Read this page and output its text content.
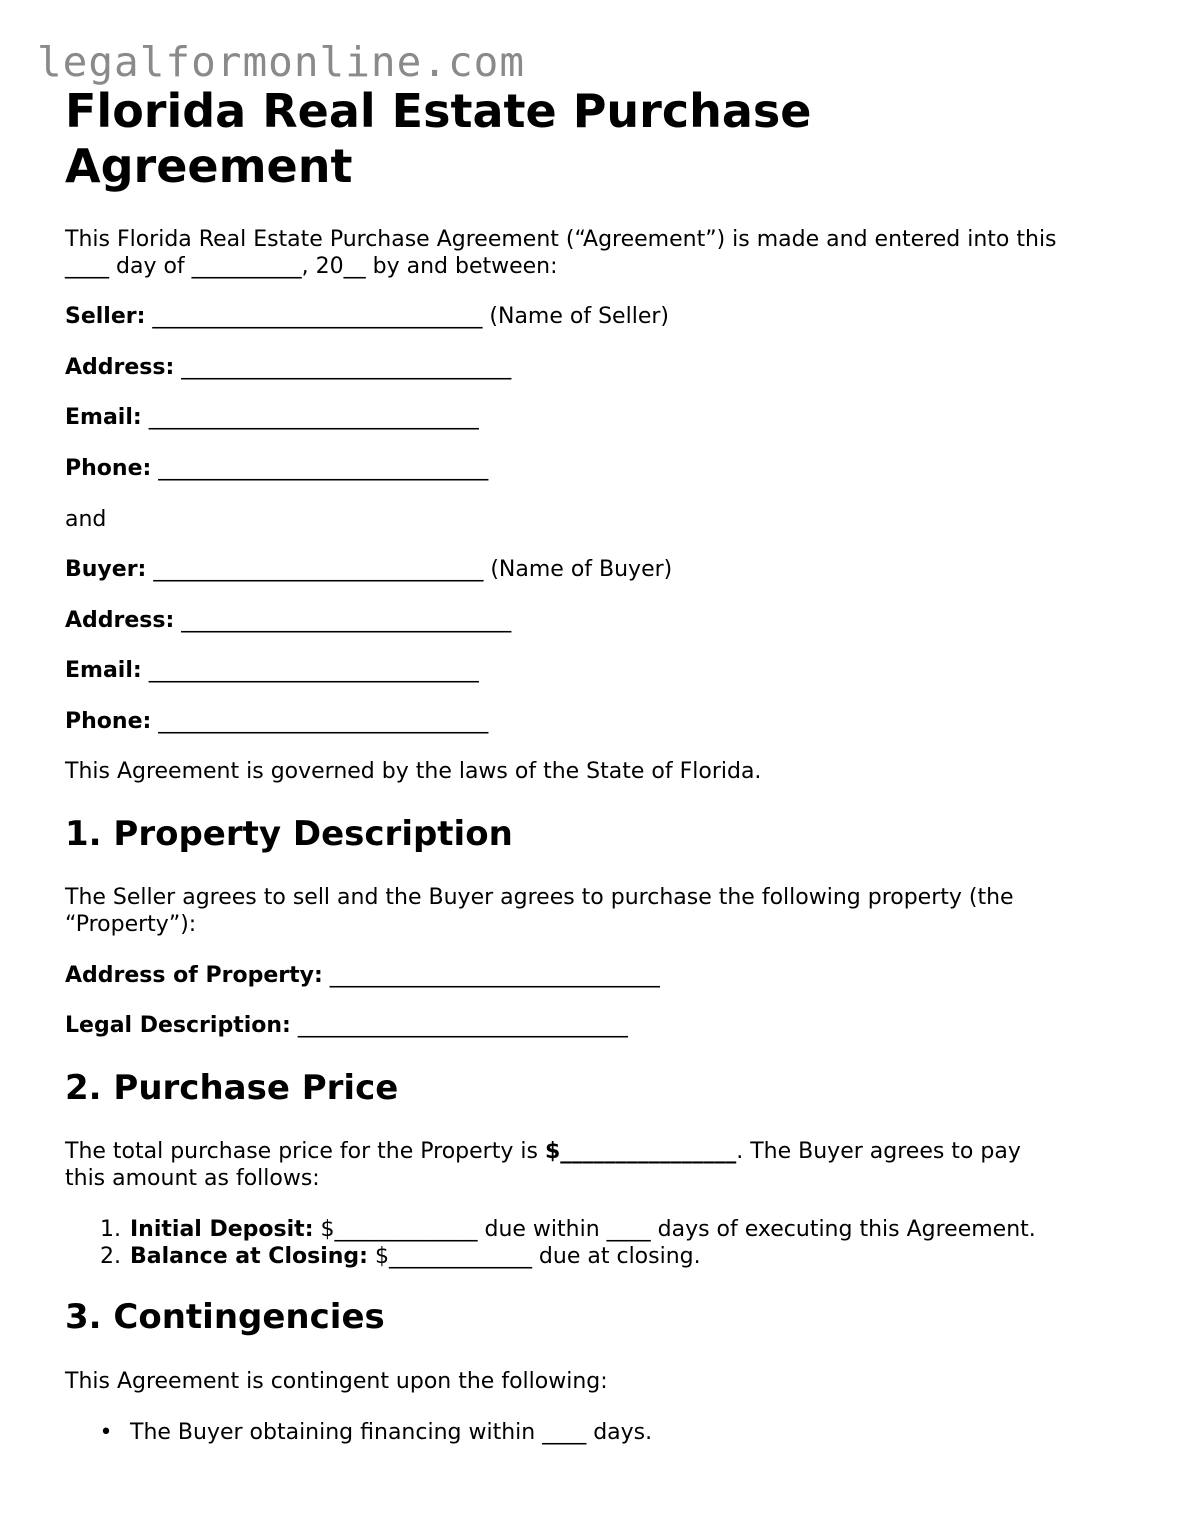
legalformonline.com
Florida Real Estate Purchase Agreement

This Florida Real Estate Purchase Agreement (“Agreement”) is made and entered into this

____ day of __________, 20__ by and between:

Seller: ______________________________ (Name of Seller)

Address: ______________________________

Email: ______________________________

Phone: ______________________________

and

Buyer: ______________________________ (Name of Buyer)

Address: ______________________________

Email: ______________________________

Phone: ______________________________

This Agreement is governed by the laws of the State of Florida.

1. Property Description

The Seller agrees to sell and the Buyer agrees to purchase the following property (the

“Property”):

Address of Property: ______________________________

Legal Description: ______________________________

2. Purchase Price

The total purchase price for the Property is $________________. The Buyer agrees to pay

this amount as follows:

1. Initial Deposit: $_____________ due within ____ days of executing this Agreement.

2. Balance at Closing: $_____________ due at closing.

3. Contingencies

This Agreement is contingent upon the following:

• The Buyer obtaining financing within ____ days.
